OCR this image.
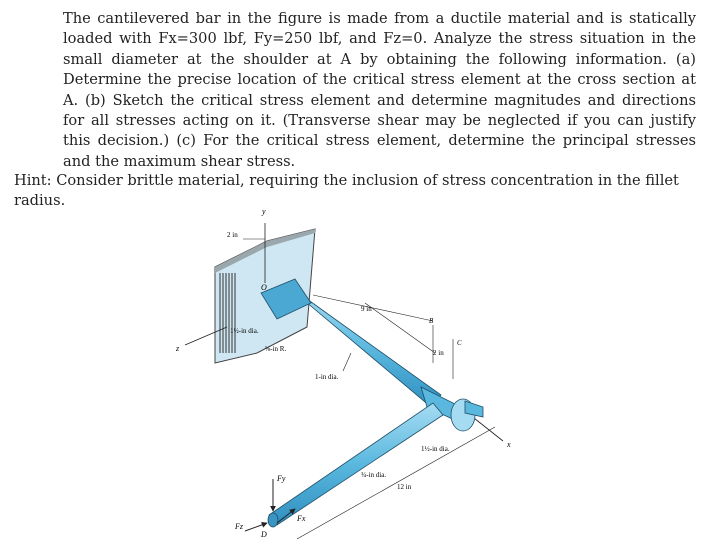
The cantilevered bar in the figure is made from a ductile material and is statically loaded with Fx=300 lbf, Fy=250 lbf, and Fz=0. Analyze the stress situation in the small diameter at the shoulder at A by obtaining the following information. (a) Determine the precise location of the critical stress element at the cross section at A. (b) Sketch the critical stress element and determine magnitudes and directions for all stresses acting on it. (Transverse shear may be neglected if you can justify this decision.) (c) For the critical stress element, determine the principal stresses and the maximum shear stress.
Hint: Consider brittle material, requiring the inclusion of stress concentration in the fillet radius.
y
z
x
2 in
O
1½-in dia.
⅛-in R.
9 in
1-in dia.
B
2 in
C
1½-in dia.
¾-in dia.
12 in
Fy
Fz
Fx
D
